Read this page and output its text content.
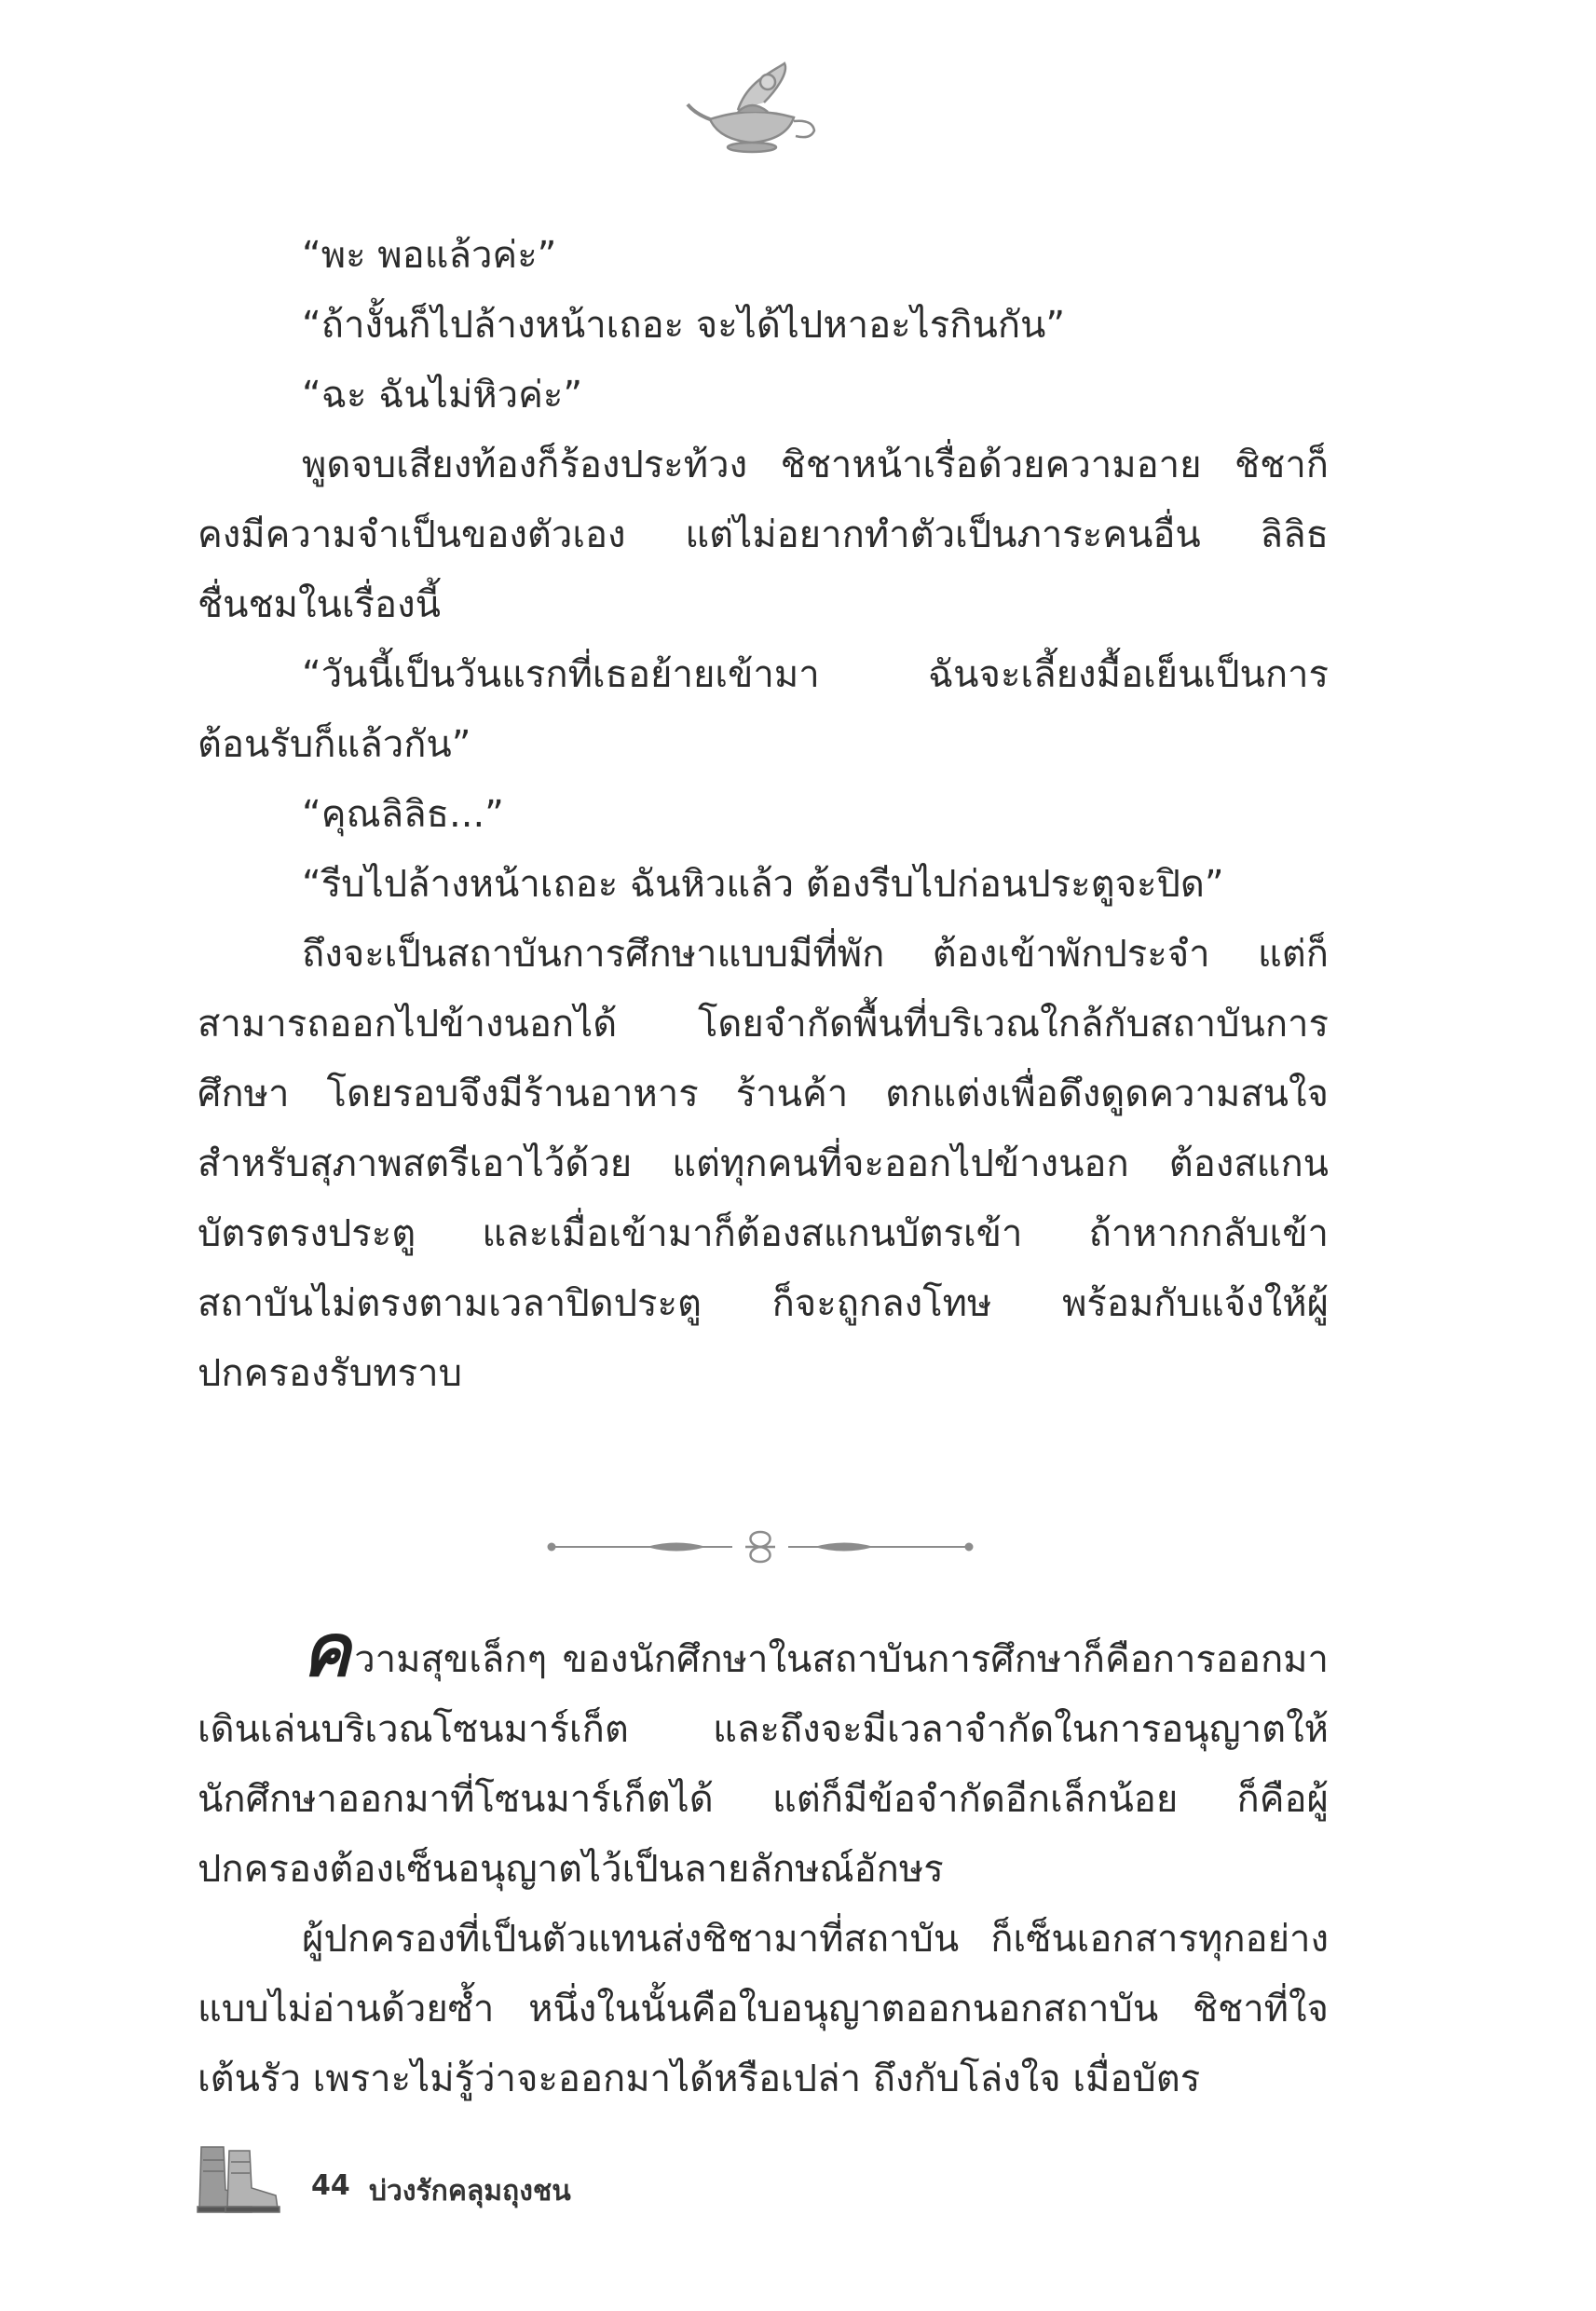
“พะ พอแล้วค่ะ”

“ถ้างั้นก็ไปล้างหน้าเถอะ จะได้ไปหาอะไรกินกัน”

“ฉะ ฉันไม่หิวค่ะ”

พูดจบเสียงท้องก็ร้องประท้วง ชิชาหน้าเรื่อด้วยความอาย ชิชาก็คงมีความจำเป็นของตัวเอง แต่ไม่อยากทำตัวเป็นภาระคนอื่น ลิลิธชื่นชมในเรื่องนี้

“วันนี้เป็นวันแรกที่เธอย้ายเข้ามา ฉันจะเลี้ยงมื้อเย็นเป็นการต้อนรับก็แล้วกัน”

“คุณลิลิธ...”

“รีบไปล้างหน้าเถอะ ฉันหิวแล้ว ต้องรีบไปก่อนประตูจะปิด”

ถึงจะเป็นสถาบันการศึกษาแบบมีที่พัก ต้องเข้าพักประจำ แต่ก็สามารถออกไปข้างนอกได้ โดยจำกัดพื้นที่บริเวณใกล้กับสถาบันการศึกษา โดยรอบจึงมีร้านอาหาร ร้านค้า ตกแต่งเพื่อดึงดูดความสนใจสำหรับสุภาพสตรีเอาไว้ด้วย แต่ทุกคนที่จะออกไปข้างนอก ต้องสแกนบัตรตรงประตู และเมื่อเข้ามาก็ต้องสแกนบัตรเข้า ถ้าหากกลับเข้าสถาบันไม่ตรงตามเวลาปิดประตู ก็จะถูกลงโทษ พร้อมกับแจ้งให้ผู้ปกครองรับทราบ

ความสุขเล็กๆ ของนักศึกษาในสถาบันการศึกษาก็คือการออกมาเดินเล่นบริเวณโซนมาร์เก็ต และถึงจะมีเวลาจำกัดในการอนุญาตให้นักศึกษาออกมาที่โซนมาร์เก็ตได้ แต่ก็มีข้อจำกัดอีกเล็กน้อย ก็คือผู้ปกครองต้องเซ็นอนุญาตไว้เป็นลายลักษณ์อักษร

ผู้ปกครองที่เป็นตัวแทนส่งชิชามาที่สถาบัน ก็เซ็นเอกสารทุกอย่างแบบไม่อ่านด้วยซ้ำ หนึ่งในนั้นคือใบอนุญาตออกนอกสถาบัน ชิชาที่ใจเต้นรัว เพราะไม่รู้ว่าจะออกมาได้หรือเปล่า ถึงกับโล่งใจ เมื่อบัตร

44 บ่วงรักคลุมถุงชน
